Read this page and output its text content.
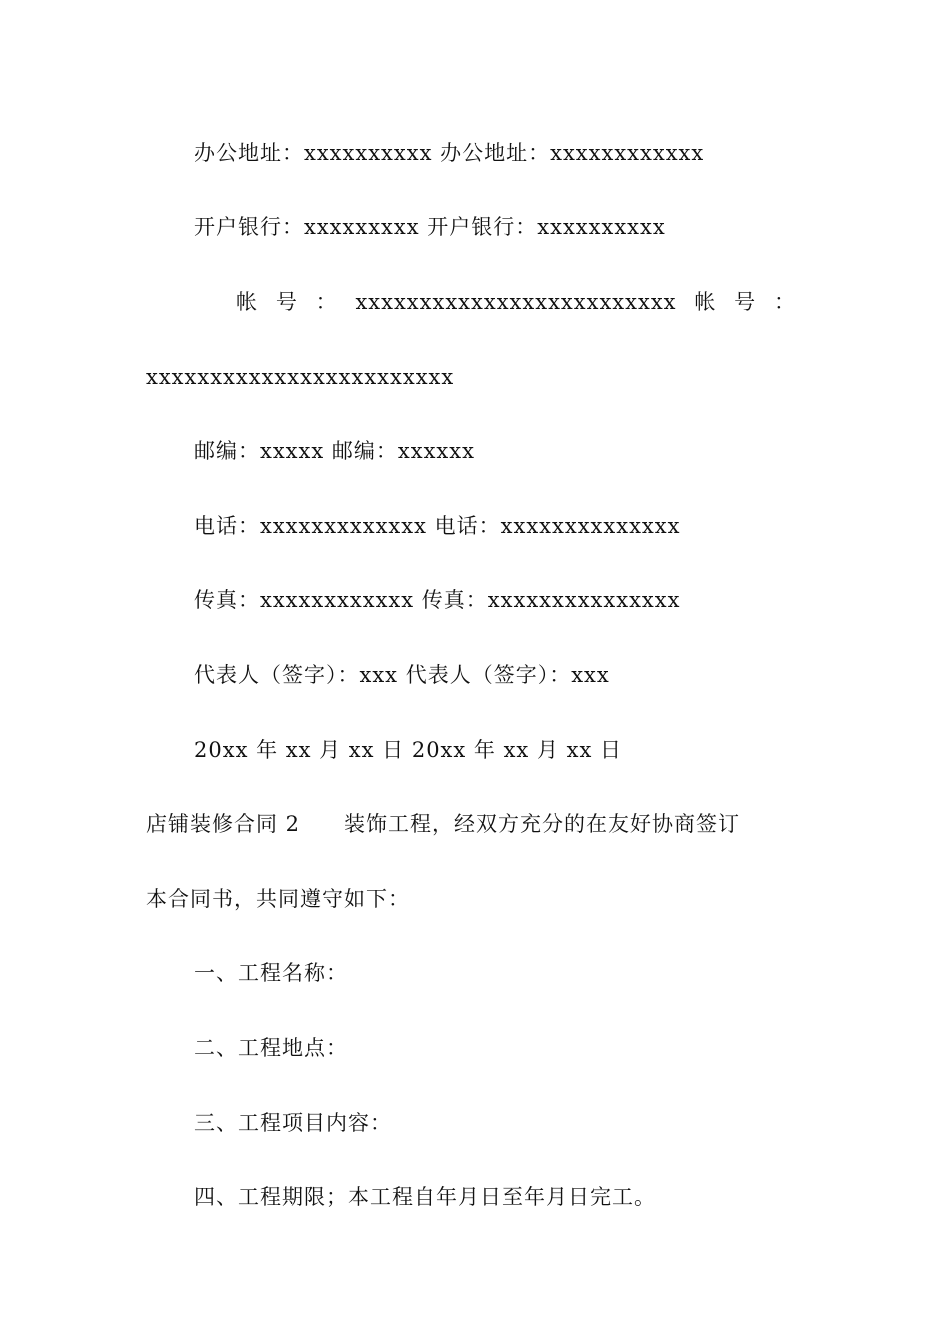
办公地址：xxxxxxxxxx 办公地址：xxxxxxxxxxxx
开户银行：xxxxxxxxx 开户银行：xxxxxxxxxx
帐 号 ： xxxxxxxxxxxxxxxxxxxxxxxxx 帐 号 ：
xxxxxxxxxxxxxxxxxxxxxxxx
邮编：xxxxx 邮编：xxxxxx
电话：xxxxxxxxxxxxx 电话：xxxxxxxxxxxxxx
传真：xxxxxxxxxxxx 传真：xxxxxxxxxxxxxxx
代表人（签字）：xxx 代表人（签字）：xxx
20xx 年 xx 月 xx 日 20xx 年 xx 月 xx 日
店铺装修合同 2　　装饰工程，经双方充分的在友好协商签订
本合同书，共同遵守如下：
一、工程名称：
二、工程地点：
三、工程项目内容：
四、工程期限；本工程自年月日至年月日完工。
